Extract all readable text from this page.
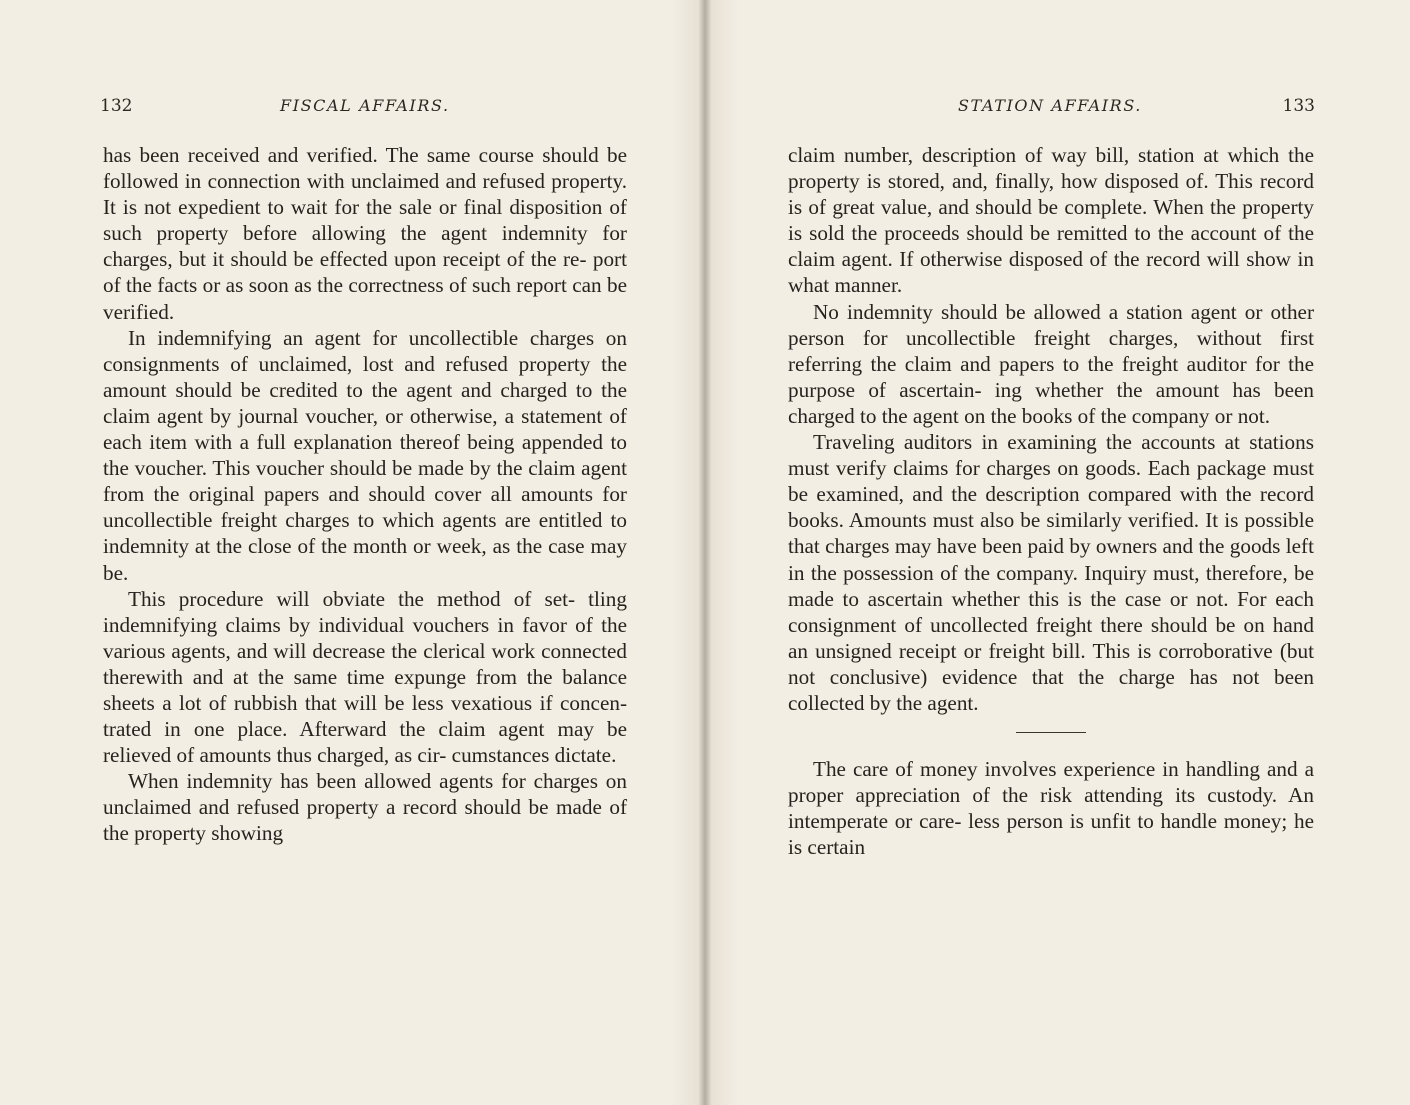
132	FISCAL AFFAIRS.

has been received and verified. The same course should be followed in connection with unclaimed and refused property. It is not expedient to wait for the sale or final disposition of such property before allowing the agent indemnity for charges, but it should be effected upon receipt of the re- port of the facts or as soon as the correctness of such report can be verified.

In indemnifying an agent for uncollectible charges on consignments of unclaimed, lost and refused property the amount should be credited to the agent and charged to the claim agent by journal voucher, or otherwise, a statement of each item with a full explanation thereof being appended to the voucher. This voucher should be made by the claim agent from the original papers and should cover all amounts for uncollectible freight charges to which agents are entitled to indemnity at the close of the month or week, as the case may be.

This procedure will obviate the method of set- tling indemnifying claims by individual vouchers in favor of the various agents, and will decrease the clerical work connected therewith and at the same time expunge from the balance sheets a lot of rubbish that will be less vexatious if concen- trated in one place. Afterward the claim agent may be relieved of amounts thus charged, as cir- cumstances dictate.

When indemnity has been allowed agents for charges on unclaimed and refused property a record should be made of the property showing

STATION AFFAIRS.	133

claim number, description of way bill, station at which the property is stored, and, finally, how disposed of. This record is of great value, and should be complete. When the property is sold the proceeds should be remitted to the account of the claim agent. If otherwise disposed of the record will show in what manner.

No indemnity should be allowed a station agent or other person for uncollectible freight charges, without first referring the claim and papers to the freight auditor for the purpose of ascertain- ing whether the amount has been charged to the agent on the books of the company or not.

Traveling auditors in examining the accounts at stations must verify claims for charges on goods. Each package must be examined, and the description compared with the record books. Amounts must also be similarly verified. It is possible that charges may have been paid by owners and the goods left in the possession of the company. Inquiry must, therefore, be made to ascertain whether this is the case or not. For each consignment of uncollected freight there should be on hand an unsigned receipt or freight bill. This is corroborative (but not conclusive) evidence that the charge has not been collected by the agent.

The care of money involves experience in handling and a proper appreciation of the risk attending its custody. An intemperate or care- less person is unfit to handle money; he is certain
